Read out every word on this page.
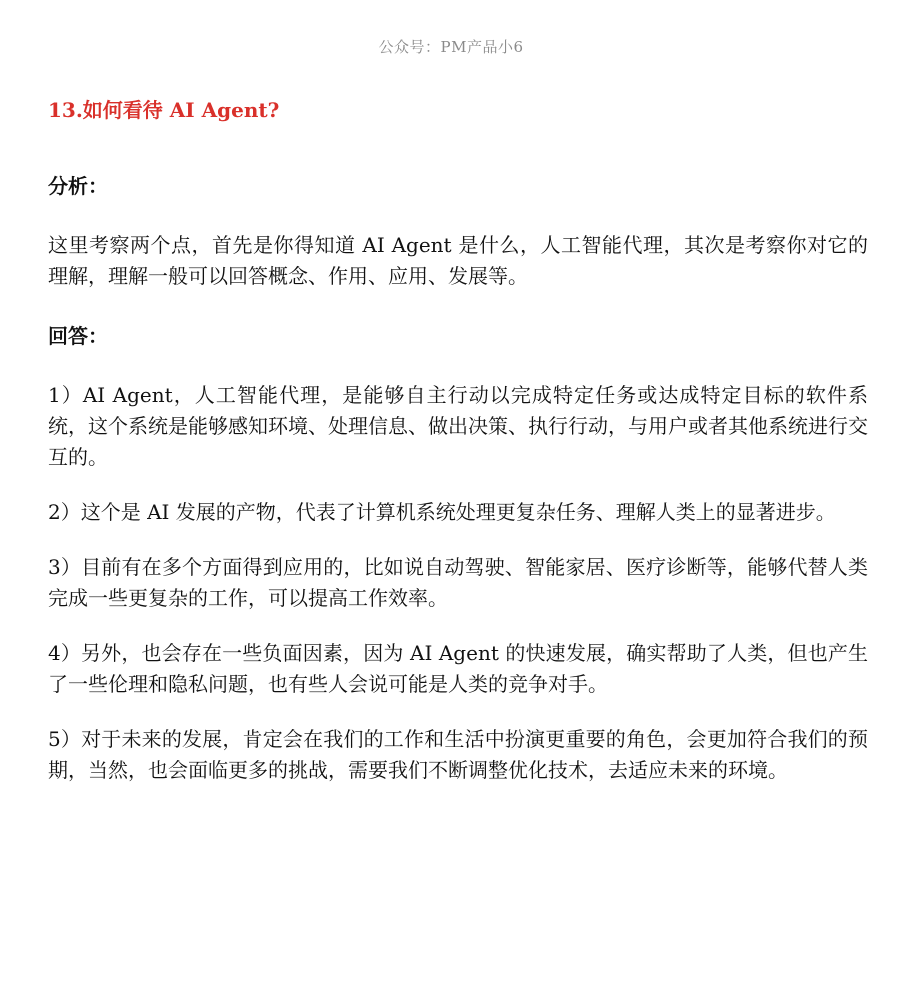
公众号：PM产品小6
13.如何看待 AI Agent?
分析：
这里考察两个点，首先是你得知道 AI Agent 是什么，人工智能代理，其次是考察你对它的理解，理解一般可以回答概念、作用、应用、发展等。
回答：
1）AI Agent，人工智能代理，是能够自主行动以完成特定任务或达成特定目标的软件系统，这个系统是能够感知环境、处理信息、做出决策、执行行动，与用户或者其他系统进行交互的。
2）这个是 AI 发展的产物，代表了计算机系统处理更复杂任务、理解人类上的显著进步。
3）目前有在多个方面得到应用的，比如说自动驾驶、智能家居、医疗诊断等，能够代替人类完成一些更复杂的工作，可以提高工作效率。
4）另外，也会存在一些负面因素，因为 AI Agent 的快速发展，确实帮助了人类，但也产生了一些伦理和隐私问题，也有些人会说可能是人类的竞争对手。
5）对于未来的发展，肯定会在我们的工作和生活中扮演更重要的角色，会更加符合我们的预期，当然，也会面临更多的挑战，需要我们不断调整优化技术，去适应未来的环境。
